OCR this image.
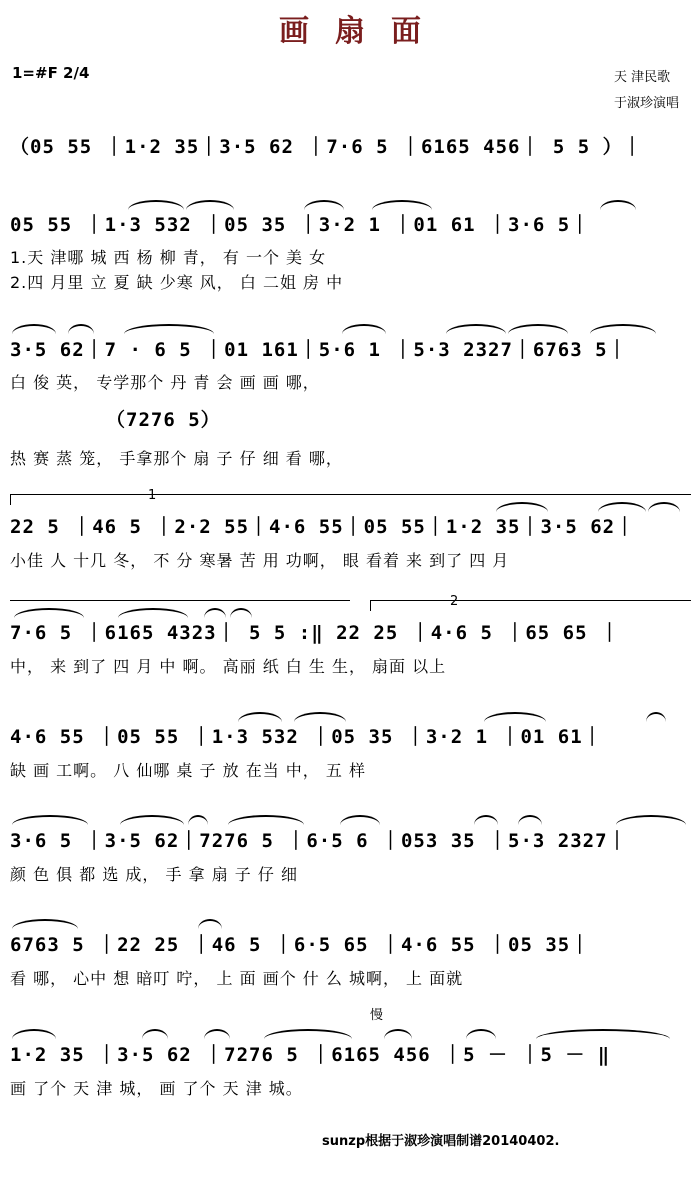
画扇面
1=#F 2/4	天 津民歌
于淑珍演唱
（05 55 ｜1·2 35｜3·5 62 ｜7·6 5 ｜6165 456｜ 5 5 ）｜
05 55 ｜1·3 532 ｜05 35 ｜3·2 1 ｜01 61 ｜3·6 5｜
1.天 津哪 城 西 杨 柳 青， 有 一个 美 女
2.四 月里 立 夏 缺 少寒 风， 白 二姐 房 中
3·5 62｜7 · 6 5 ｜01 161｜5·6 1 ｜5·3 2327｜6763 5｜
白 俊 英， 专学那个 丹 青 会 画 画 哪，
（7276 5）
热 赛 蒸 笼， 手拿那个 扇 子 仔 细 看 哪，
1
22 5 ｜46 5 ｜2·2 55｜4·6 55｜05 55｜1·2 35｜3·5 62｜
小佳 人 十几 冬， 不 分 寒暑 苦 用 功啊， 眼 看着 来 到了 四 月
2
7·6 5 ｜6165 4323｜ 5 5 :‖ 22 25 ｜4·6 5 ｜65 65 ｜
中， 来 到了 四 月 中 啊。 高丽 纸 白 生 生， 扇面 以上
4·6 55 ｜05 55 ｜1·3 532 ｜05 35 ｜3·2 1 ｜01 61｜
缺 画 工啊。 八 仙哪 桌 子 放 在当 中， 五 样
3·6 5 ｜3·5 62｜7276 5 ｜6·5 6 ｜053 35 ｜5·3 2327｜
颜 色 俱 都 选 成， 手 拿 扇 子 仔 细
6763 5 ｜22 25 ｜46 5 ｜6·5 65 ｜4·6 55 ｜05 35｜
看 哪， 心中 想 暗叮 咛， 上 面 画个 什 么 城啊， 上 面就
慢
1·2 35 ｜3·5 62 ｜7276 5 ｜6165 456 ｜5 － ｜5 － ‖
画 了个 天 津 城， 画 了个 天 津 城。
sunzp根据于淑珍演唱制谱20140402.
